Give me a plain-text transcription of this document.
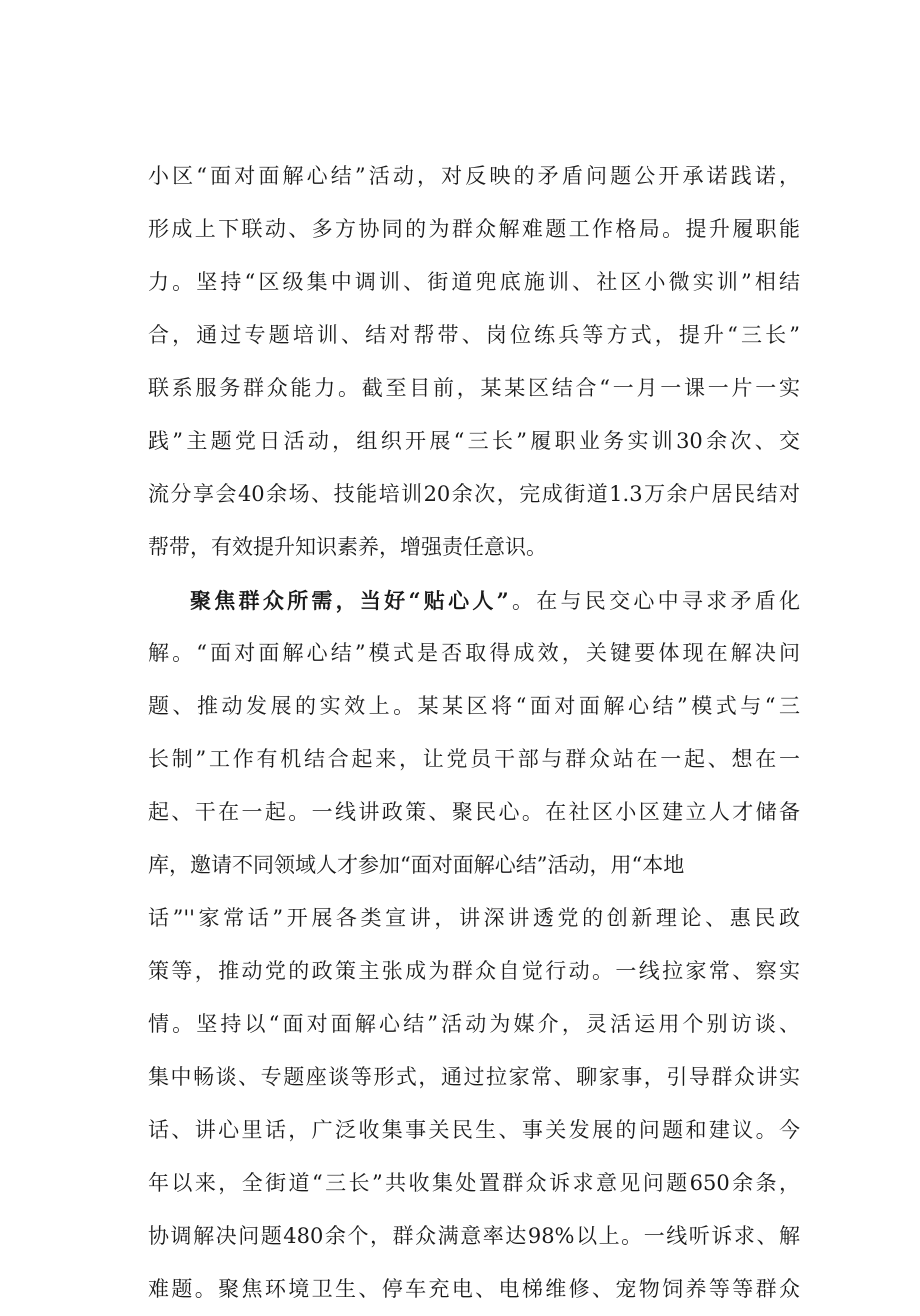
小区“面对面解心结”活动，对反映的矛盾问题公开承诺践诺，
形成上下联动、多方协同的为群众解难题工作格局。提升履职能
力。坚持“区级集中调训、街道兜底施训、社区小微实训”相结
合，通过专题培训、结对帮带、岗位练兵等方式，提升“三长”
联系服务群众能力。截至目前，某某区结合“一月一课一片一实
践”主题党日活动，组织开展“三长”履职业务实训30余次、交
流分享会40余场、技能培训20余次，完成街道1.3万余户居民结对
帮带，有效提升知识素养，增强责任意识。
聚焦群众所需，当好“贴心人”。在与民交心中寻求矛盾化
解。“面对面解心结”模式是否取得成效，关键要体现在解决问
题、推动发展的实效上。某某区将“面对面解心结”模式与“三
长制”工作有机结合起来，让党员干部与群众站在一起、想在一
起、干在一起。一线讲政策、聚民心。在社区小区建立人才储备
库，邀请不同领域人才参加“面对面解心结”活动，用“本地
话”''家常话”开展各类宣讲，讲深讲透党的创新理论、惠民政
策等，推动党的政策主张成为群众自觉行动。一线拉家常、察实
情。坚持以“面对面解心结”活动为媒介，灵活运用个别访谈、
集中畅谈、专题座谈等形式，通过拉家常、聊家事，引导群众讲实
话、讲心里话，广泛收集事关民生、事关发展的问题和建议。今
年以来，全街道“三长”共收集处置群众诉求意见问题650余条，
协调解决问题480余个，群众满意率达98%以上。一线听诉求、解
难题。聚焦环境卫生、停车充电、电梯维修、宠物饲养等等群众
